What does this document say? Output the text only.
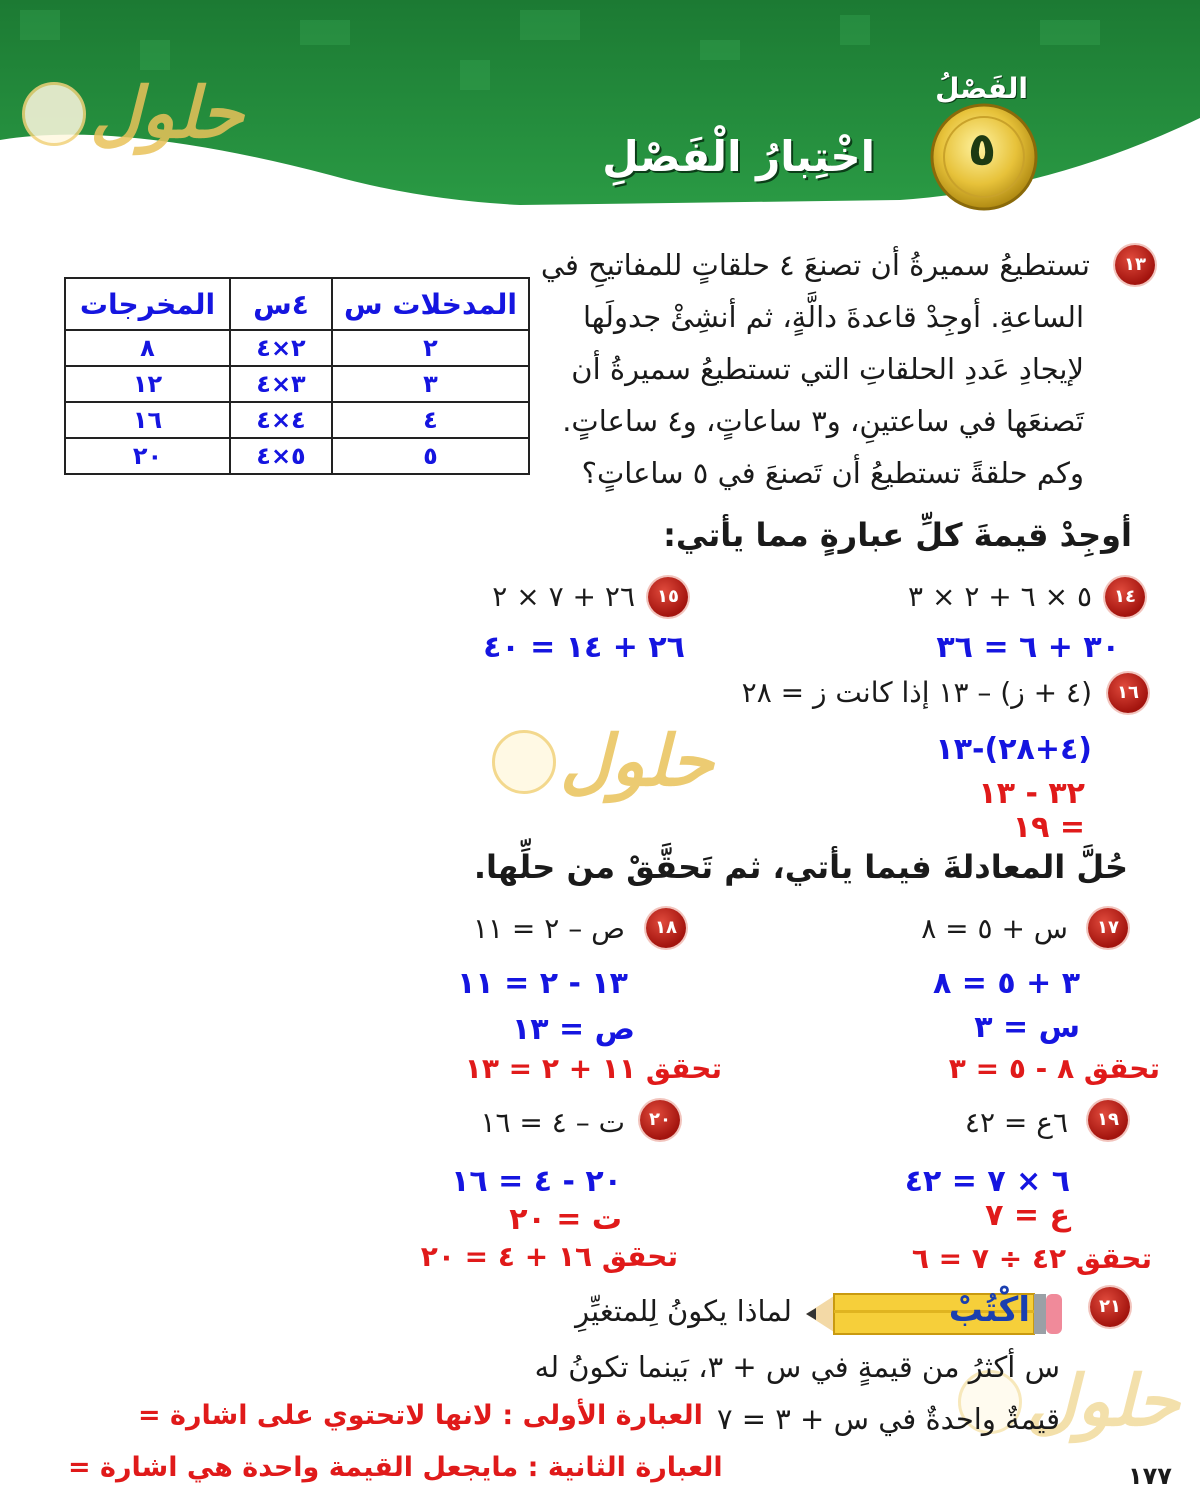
الفَصْلُ
٥
اخْتِبارُ الْفَصْلِ
حلول
حلول
حلول
١٣
تستطيعُ سميرةُ أن تصنعَ ٤ حلقاتٍ للمفاتيحِ في
الساعةِ. أوجِدْ قاعدةَ دالَّةٍ، ثم أنشِئْ جدولَها
لإيجادِ عَددِ الحلقاتِ التي تستطيعُ سميرةُ أن
تَصنعَها في ساعتينِ، و٣ ساعاتٍ، و٤ ساعاتٍ.
وكم حلقةً تستطيعُ أن تَصنعَ في ٥ ساعاتٍ؟
المدخلات س	٤س	المخرجات
٢	٢×٤	٨
٣	٣×٤	١٢
٤	٤×٤	١٦
٥	٥×٤	٢٠
أوجِدْ قيمةَ كلِّ عبارةٍ مما يأتي:
١٤
٥ × ٦ + ٢ × ٣
٣٠ + ٦ = ٣٦
١٥
٢٦ + ٧ × ٢
٢٦ + ١٤ = ٤٠
١٦
(٤ + ز) – ١٣ إذا كانت ز = ٢٨
(٤+٢٨)-١٣
٣٢ - ١٣
= ١٩
حُلَّ المعادلةَ فيما يأتي، ثم تَحقَّقْ من حلِّها.
١٧
س + ٥ = ٨
٣ + ٥ = ٨
س = ٣
تحقق ٨ - ٥ = ٣
١٨
ص – ٢ = ١١
١٣ - ٢ = ١١
ص = ١٣
تحقق ١١ + ٢ = ١٣
١٩
٦ع = ٤٢
٦ × ٧ = ٤٢
ع = ٧
تحقق ٤٢ ÷ ٧ = ٦
٢٠
ت – ٤ = ١٦
٢٠ - ٤ = ١٦
ت = ٢٠
تحقق ١٦ + ٤ = ٢٠
٢١
اكْتُبْ
لماذا يكونُ لِلمتغيِّرِ
س أكثرُ من قيمةٍ في س + ٣، بَينما تكونُ له
قيمةٌ واحدةٌ في س + ٣ = ٧
العبارة الأولى : لانها لاتحتوي على اشارة =
العبارة الثانية : مايجعل القيمة واحدة هي اشارة =	١٧٧
